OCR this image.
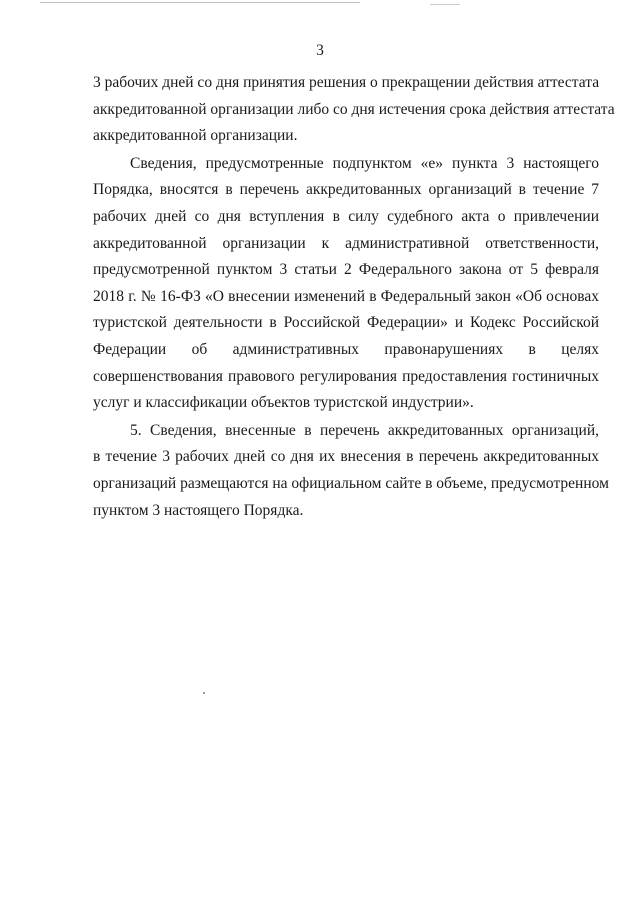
3
3 рабочих дней со дня принятия решения о прекращении действия аттестата
аккредитованной организации либо со дня истечения срока действия аттестата
аккредитованной организации.
Сведения, предусмотренные подпунктом «е» пункта 3 настоящего
Порядка, вносятся в перечень аккредитованных организаций в течение 7
рабочих дней со дня вступления в силу судебного акта о привлечении
аккредитованной организации к административной ответственности,
предусмотренной пунктом 3 статьи 2 Федерального закона от 5 февраля
2018 г. № 16-ФЗ «О внесении изменений в Федеральный закон «Об основах
туристской деятельности в Российской Федерации» и Кодекс Российской
Федерации об административных правонарушениях в целях
совершенствования правового регулирования предоставления гостиничных
услуг и классификации объектов туристской индустрии».
5. Сведения, внесенные в перечень аккредитованных организаций,
в течение 3 рабочих дней со дня их внесения в перечень аккредитованных
организаций размещаются на официальном сайте в объеме, предусмотренном
пунктом 3 настоящего Порядка.
